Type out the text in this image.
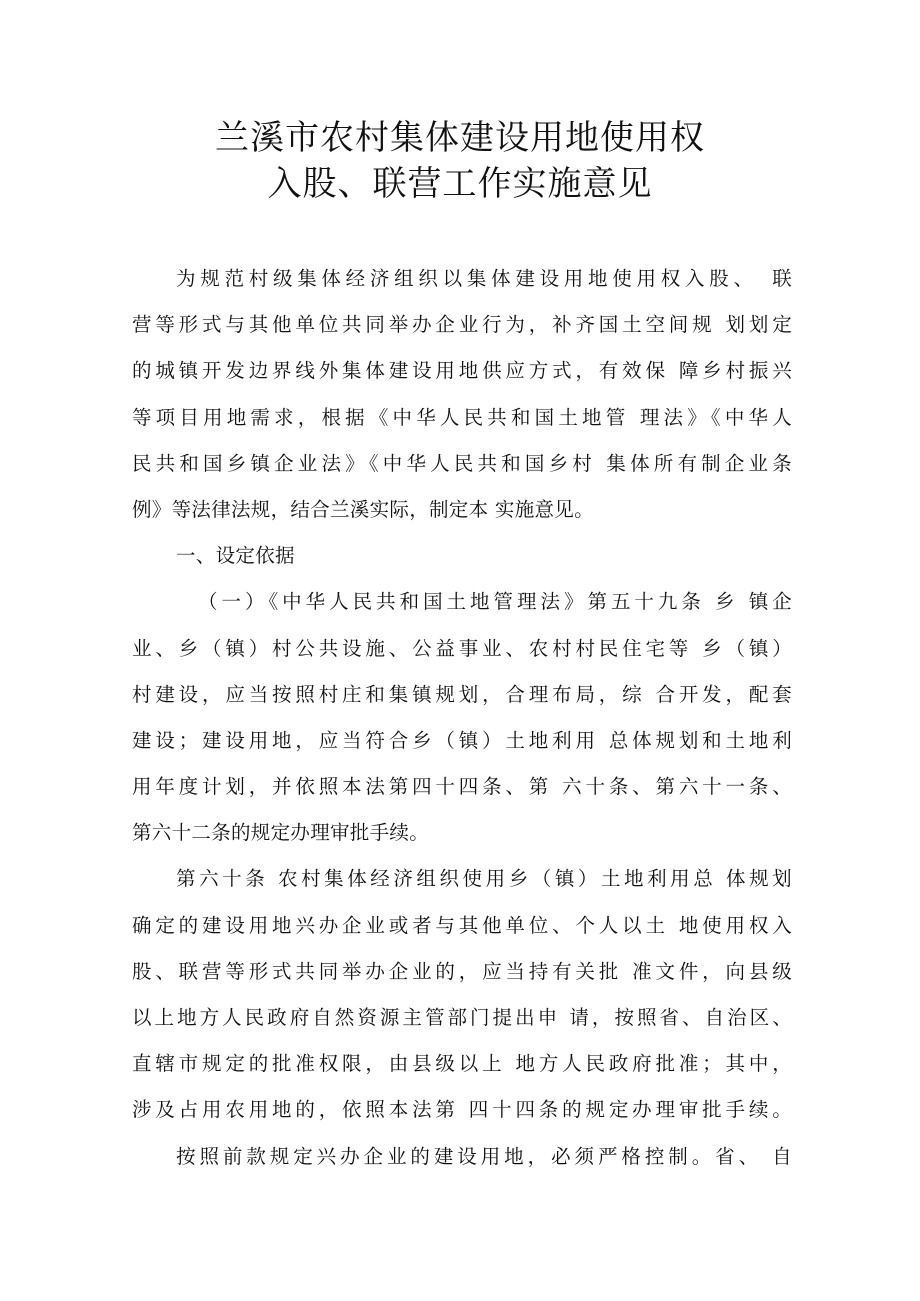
兰溪市农村集体建设用地使用权
入股、联营工作实施意见
为规范村级集体经济组织以集体建设用地使用权入股、　联
营等形式与其他单位共同举办企业行为，补齐国土空间规 划划定
的城镇开发边界线外集体建设用地供应方式，有效保 障乡村振兴
等项目用地需求，根据《中华人民共和国土地管 理法》《中华人
民共和国乡镇企业法》《中华人民共和国乡村 集体所有制企业条
例》等法律法规，结合兰溪实际，制定本 实施意见。
一、设定依据
（一）《中华人民共和国土地管理法》第五十九条 乡 镇企
业、乡（镇）村公共设施、公益事业、农村村民住宅等 乡（镇）
村建设，应当按照村庄和集镇规划，合理布局，综 合开发，配套
建设；建设用地，应当符合乡（镇）土地利用 总体规划和土地利
用年度计划，并依照本法第四十四条、第 六十条、第六十一条、
第六十二条的规定办理审批手续。
第六十条 农村集体经济组织使用乡（镇）土地利用总 体规划
确定的建设用地兴办企业或者与其他单位、个人以土 地使用权入
股、联营等形式共同举办企业的，应当持有关批 准文件，向县级
以上地方人民政府自然资源主管部门提出申 请，按照省、自治区、
直辖市规定的批准权限，由县级以上 地方人民政府批准；其中，
涉及占用农用地的，依照本法第 四十四条的规定办理审批手续。
按照前款规定兴办企业的建设用地，必须严格控制。省、 自
